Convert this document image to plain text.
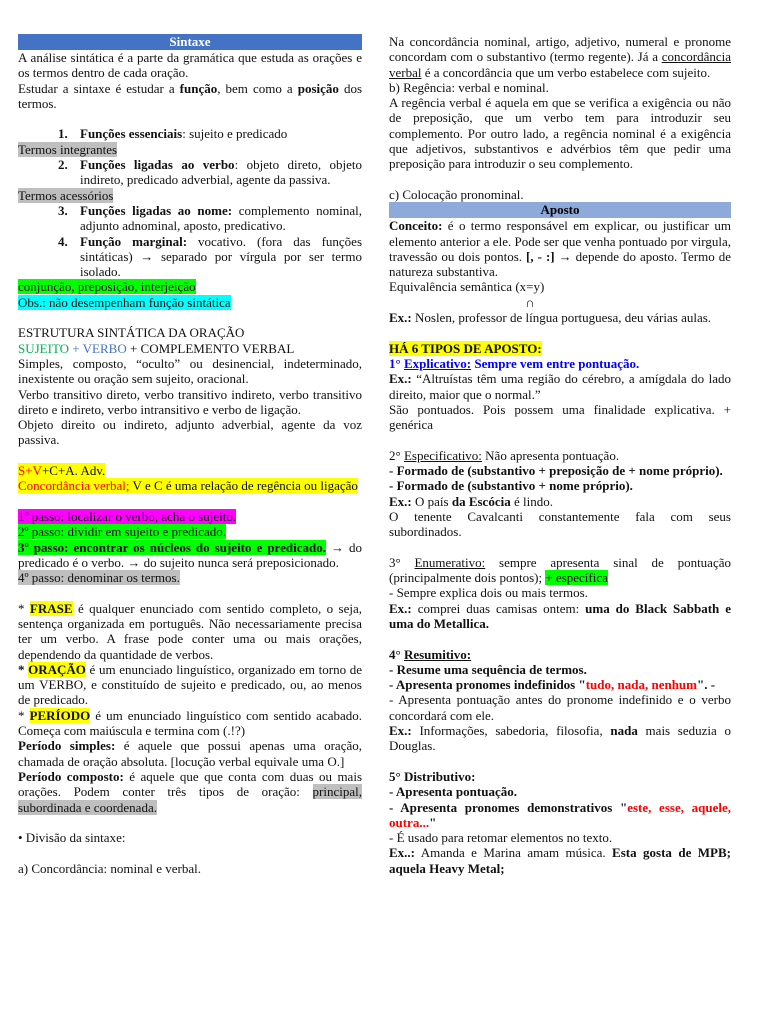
Sintaxe

A análise sintática é a parte da gramática que estuda as orações e os termos dentro de cada oração.

Estudar a sintaxe é estudar a função, bem como a posição dos termos.

1. Funções essenciais: sujeito e predicado

Termos integrantes

2. Funções ligadas ao verbo: objeto direto, objeto indireto, predicado adverbial, agente da passiva.

Termos acessórios

3. Funções ligadas ao nome: complemento nominal, adjunto adnominal, aposto, predicativo.
4. Função marginal: vocativo. (fora das funções sintáticas) → separado por vírgula por ser termo isolado.

conjunção, preposição, interjeição

Obs.: não desempenham função sintática

ESTRUTURA SINTÁTICA DA ORAÇÃO

SUJEITO + VERBO + COMPLEMENTO VERBAL

Simples, composto, “oculto” ou desinencial, indeterminado, inexistente ou oração sem sujeito, oracional.

Verbo transitivo direto, verbo transitivo indireto, verbo transitivo direto e indireto, verbo intransitivo e verbo de ligação.

Objeto direito ou indireto, adjunto adverbial, agente da voz passiva.

S+V+C+A. Adv.

Concordância verbal; V e C é uma relação de regência ou ligação

1º passo: localizar o verbo, acha o sujeito.

2º passo: dividir em sujeito e predicado.

3º passo: encontrar os núcleos do sujeito e predicado. → do predicado é o verbo. → do sujeito nunca será preposicionado.

4º passo: denominar os termos.

* FRASE é qualquer enunciado com sentido completo, o seja, sentença organizada em português. Não necessariamente precisa ter um verbo. A frase pode conter uma ou mais orações, dependendo da quantidade de verbos.

* ORAÇÃO é um enunciado linguístico, organizado em torno de um VERBO, e constituído de sujeito e predicado, ou, ao menos de predicado.

* PERÍODO é um enunciado linguístico com sentido acabado. Começa com maiúscula e termina com (.!?)

Período simples: é aquele que possui apenas uma oração, chamada de oração absoluta. [locução verbal equivale uma O.]

Período composto: é aquele que que conta com duas ou mais orações. Podem conter três tipos de oração: principal, subordinada e coordenada.

• Divisão da sintaxe:

a) Concordância: nominal e verbal.

Na concordância nominal, artigo, adjetivo, numeral e pronome concordam com o substantivo (termo regente). Já a concordância verbal é a concordância que um verbo estabelece com sujeito.

b) Regência: verbal e nominal.

A regência verbal é aquela em que se verifica a exigência ou não de preposição, que um verbo tem para introduzir seu complemento. Por outro lado, a regência nominal é a exigência que adjetivos, substantivos e advérbios têm que pedir uma preposição para introduzir o seu complemento.

c) Colocação pronominal.

Aposto

Conceito: é o termo responsável em explicar, ou justificar um elemento anterior a ele. Pode ser que venha pontuado por virgula, travessão ou dois pontos. [, - :] → depende do aposto. Termo de natureza substantiva.

Equivalência semântica (x=y)

∩

Ex.: Noslen, professor de língua portuguesa, deu várias aulas.

HÁ 6 TIPOS DE APOSTO:

1° Explicativo: Sempre vem entre pontuação.

Ex.: “Altruístas têm uma região do cérebro, a amígdala do lado direito, maior que o normal.”

São pontuados. Pois possem uma finalidade explicativa. + genérica

2° Especificativo: Não apresenta pontuação.

- Formado de (substantivo + preposição de + nome próprio).

- Formado de (substantivo + nome próprio).

Ex.: O país da Escócia é lindo.

O tenente Cavalcanti constantemente fala com seus subordinados.

3° Enumerativo: sempre apresenta sinal de pontuação (principalmente dois pontos); + específica

- Sempre explica dois ou mais termos.

Ex.: comprei duas camisas ontem: uma do Black Sabbath e uma do Metallica.

4° Resumitivo:

- Resume uma sequência de termos.

- Apresenta pronomes indefinidos "tudo, nada, nenhum". -

- Apresenta pontuação antes do pronome indefinido e o verbo concordará com ele.

Ex.: Informações, sabedoria, filosofia, nada mais seduzia o Douglas.

5° Distributivo:

- Apresenta pontuação.

- Apresenta pronomes demonstrativos "este, esse, aquele, outra..."

- É usado para retomar elementos no texto.

Ex..: Amanda e Marina amam música. Esta gosta de MPB; aquela Heavy Metal;
